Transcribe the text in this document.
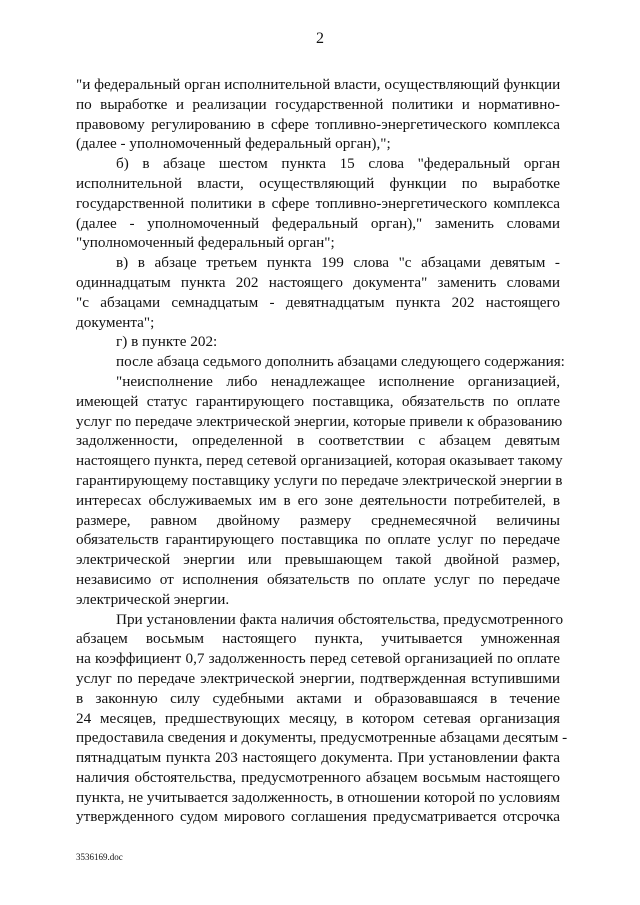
2

"и федеральный орган исполнительной власти, осуществляющий функции
по выработке и реализации государственной политики и нормативно-
правовому регулированию в сфере топливно-энергетического комплекса
(далее - уполномоченный федеральный орган),";

б) в абзаце шестом пункта 15 слова "федеральный орган
исполнительной власти, осуществляющий функции по выработке
государственной политики в сфере топливно-энергетического комплекса
(далее - уполномоченный федеральный орган)," заменить словами
"уполномоченный федеральный орган";

в) в абзаце третьем пункта 199 слова "с абзацами девятым -
одиннадцатым пункта 202 настоящего документа" заменить словами
"с абзацами семнадцатым - девятнадцатым пункта 202 настоящего
документа";

г) в пункте 202:

после абзаца седьмого дополнить абзацами следующего содержания:

"неисполнение либо ненадлежащее исполнение организацией,
имеющей статус гарантирующего поставщика, обязательств по оплате
услуг по передаче электрической энергии, которые привели к образованию
задолженности, определенной в соответствии с абзацем девятым
настоящего пункта, перед сетевой организацией, которая оказывает такому
гарантирующему поставщику услуги по передаче электрической энергии в
интересах обслуживаемых им в его зоне деятельности потребителей, в
размере, равном двойному размеру среднемесячной величины
обязательств гарантирующего поставщика по оплате услуг по передаче
электрической энергии или превышающем такой двойной размер,
независимо от исполнения обязательств по оплате услуг по передаче
электрической энергии.

При установлении факта наличия обстоятельства, предусмотренного
абзацем восьмым настоящего пункта, учитывается умноженная
на коэффициент 0,7 задолженность перед сетевой организацией по оплате
услуг по передаче электрической энергии, подтвержденная вступившими
в законную силу судебными актами и образовавшаяся в течение
24 месяцев, предшествующих месяцу, в котором сетевая организация
предоставила сведения и документы, предусмотренные абзацами десятым -
пятнадцатым пункта 203 настоящего документа. При установлении факта
наличия обстоятельства, предусмотренного абзацем восьмым настоящего
пункта, не учитывается задолженность, в отношении которой по условиям
утвержденного судом мирового соглашения предусматривается отсрочка

3536169.doc
